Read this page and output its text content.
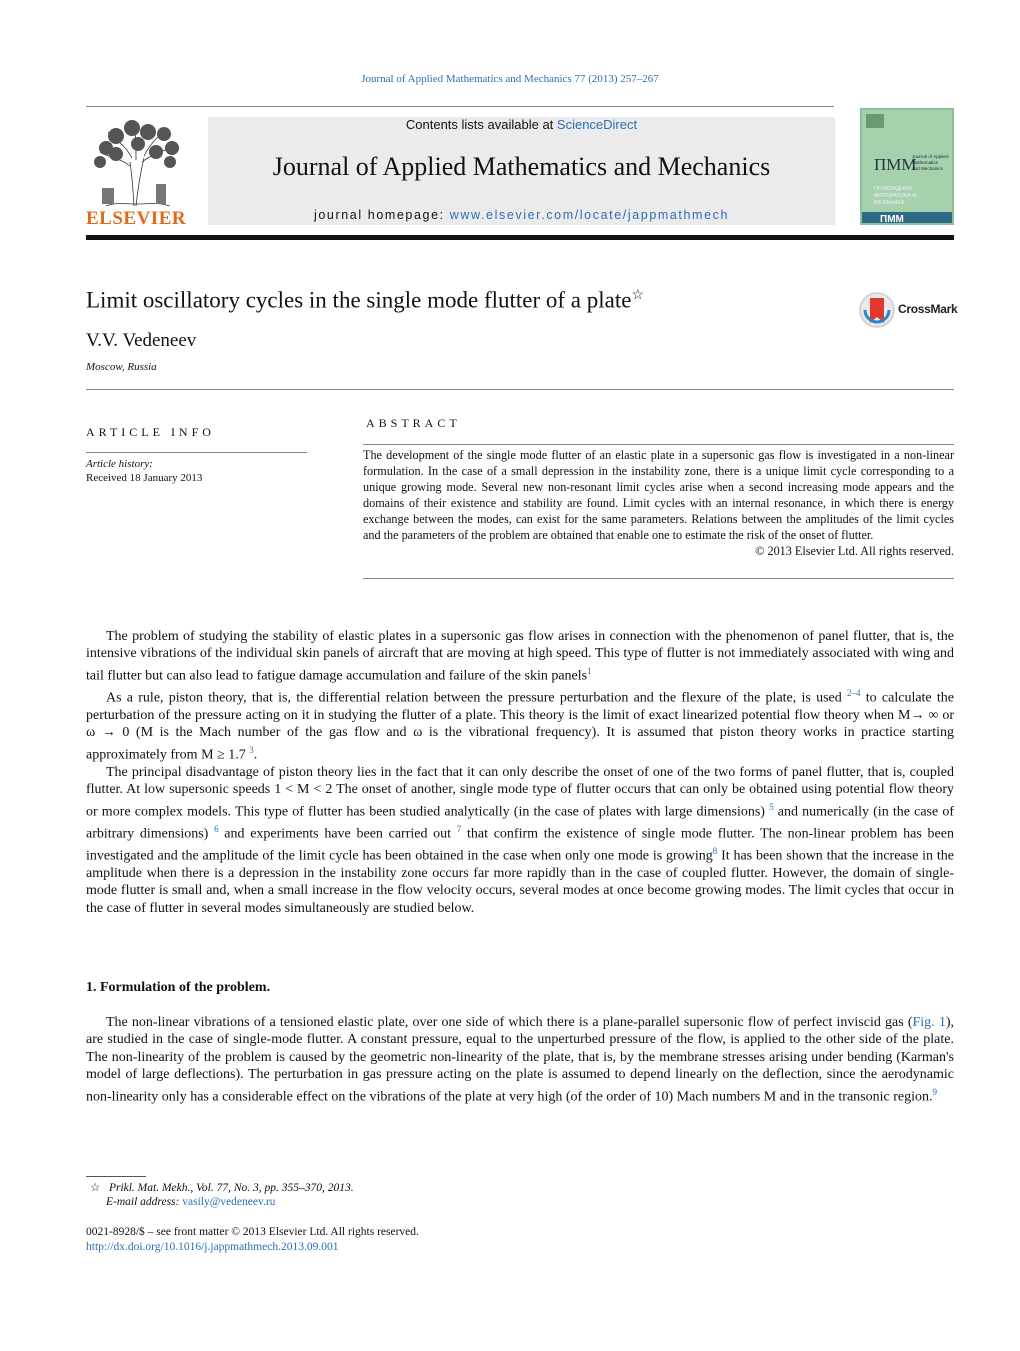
Journal of Applied Mathematics and Mechanics 77 (2013) 257–267
ELSEVIER
Contents lists available at ScienceDirect
Journal of Applied Mathematics and Mechanics
journal homepage: www.elsevier.com/locate/jappmathmech
ПММ
Journal of Applied
Mathematics
and Mechanics
ПРИКЛАДНАЯ
МАТЕМАТИКА И
МЕХАНИКА
ПММ
Limit oscillatory cycles in the single mode flutter of a plate☆
CrossMark
V.V. Vedeneev
Moscow, Russia
ARTICLE INFO
Article history:
Received 18 January 2013
ABSTRACT

The development of the single mode flutter of an elastic plate in a supersonic gas flow is investigated in a non-linear formulation. In the case of a small depression in the instability zone, there is a unique limit cycle corresponding to a unique growing mode. Several new non-resonant limit cycles arise when a second increasing mode appears and the domains of their existence and stability are found. Limit cycles with an internal resonance, in which there is energy exchange between the modes, can exist for the same parameters. Relations between the amplitudes of the limit cycles and the parameters of the problem are obtained that enable one to estimate the risk of the onset of flutter.

© 2013 Elsevier Ltd. All rights reserved.

The problem of studying the stability of elastic plates in a supersonic gas flow arises in connection with the phenomenon of panel flutter, that is, the intensive vibrations of the individual skin panels of aircraft that are moving at high speed. This type of flutter is not immediately associated with wing and tail flutter but can also lead to fatigue damage accumulation and failure of the skin panels$^1$

As a rule, piston theory, that is, the differential relation between the pressure perturbation and the flexure of the plate, is used $^{2-4}$ to calculate the perturbation of the pressure acting on it in studying the flutter of a plate. This theory is the limit of exact linearized potential flow theory when M→ ∞ or ω → 0 (M is the Mach number of the gas flow and ω is the vibrational frequency). It is assumed that piston theory works in practice starting approximately from M ≥ 1.7 $^3$.

The principal disadvantage of piston theory lies in the fact that it can only describe the onset of one of the two forms of panel flutter, that is, coupled flutter. At low supersonic speeds 1 < M < 2 The onset of another, single mode type of flutter occurs that can only be obtained using potential flow theory or more complex models. This type of flutter has been studied analytically (in the case of plates with large dimensions) $^5$ and numerically (in the case of arbitrary dimensions) $^6$ and experiments have been carried out $^7$ that confirm the existence of single mode flutter. The non-linear problem has been investigated and the amplitude of the limit cycle has been obtained in the case when only one mode is growing$^8$ It has been shown that the increase in the amplitude when there is a depression in the instability zone occurs far more rapidly than in the case of coupled flutter. However, the domain of single-mode flutter is small and, when a small increase in the flow velocity occurs, several modes at once become growing modes. The limit cycles that occur in the case of flutter in several modes simultaneously are studied below.

1. Formulation of the problem.

The non-linear vibrations of a tensioned elastic plate, over one side of which there is a plane-parallel supersonic flow of perfect inviscid gas (Fig. 1), are studied in the case of single-mode flutter. A constant pressure, equal to the unperturbed pressure of the flow, is applied to the other side of the plate. The non-linearity of the problem is caused by the geometric non-linearity of the plate, that is, by the membrane stresses arising under bending (Karman's model of large deflections). The perturbation in gas pressure acting on the plate is assumed to depend linearly on the deflection, since the aerodynamic non-linearity only has a considerable effect on the vibrations of the plate at very high (of the order of 10) Mach numbers M and in the transonic region.$^9$

☆ Prikl. Mat. Mekh., Vol. 77, No. 3, pp. 355–370, 2013.
E-mail address: vasily@vedeneev.ru
0021-8928/$ – see front matter © 2013 Elsevier Ltd. All rights reserved.
http://dx.doi.org/10.1016/j.jappmathmech.2013.09.001
